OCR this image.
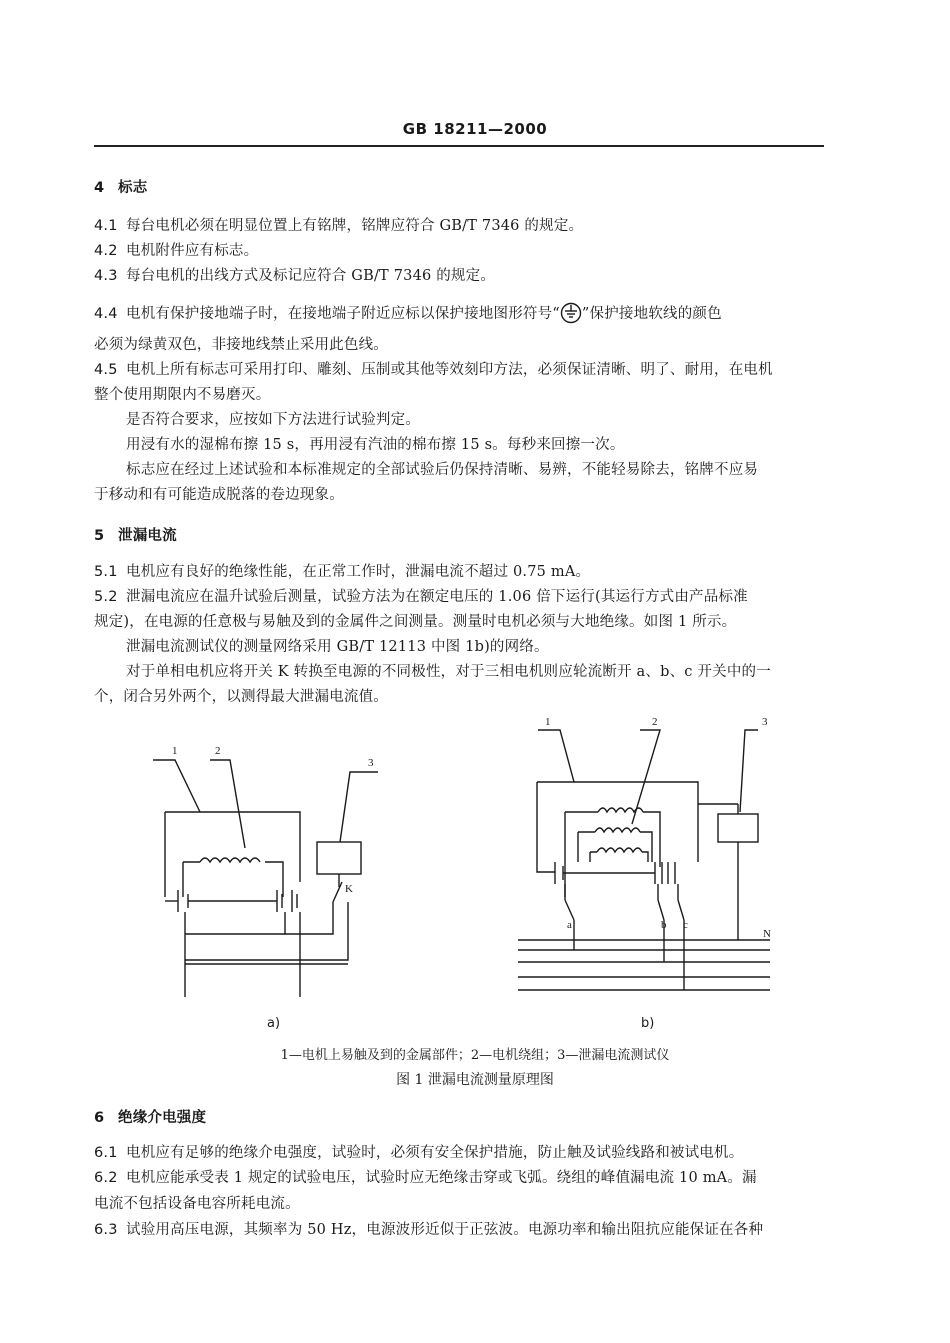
GB 18211—2000
4 标志
4.1 每台电机必须在明显位置上有铭牌，铭牌应符合 GB/T 7346 的规定。
4.2 电机附件应有标志。
4.3 每台电机的出线方式及标记应符合 GB/T 7346 的规定。
4.4 电机有保护接地端子时，在接地端子附近应标以保护接地图形符号“ ”保护接地软线的颜色
必须为绿黄双色，非接地线禁止采用此色线。
4.5 电机上所有标志可采用打印、雕刻、压制或其他等效刻印方法，必须保证清晰、明了、耐用，在电机
整个使用期限内不易磨灭。
是否符合要求，应按如下方法进行试验判定。
用浸有水的湿棉布擦 15 s，再用浸有汽油的棉布擦 15 s。每秒来回擦一次。
标志应在经过上述试验和本标准规定的全部试验后仍保持清晰、易辨，不能轻易除去，铭牌不应易
于移动和有可能造成脱落的卷边现象。
5 泄漏电流
5.1 电机应有良好的绝缘性能，在正常工作时，泄漏电流不超过 0.75 mA。
5.2 泄漏电流应在温升试验后测量，试验方法为在额定电压的 1.06 倍下运行(其运行方式由产品标准
规定)，在电源的任意极与易触及到的金属件之间测量。测量时电机必须与大地绝缘。如图 1 所示。
泄漏电流测试仪的测量网络采用 GB/T 12113 中图 1b)的网络。
对于单相电机应将开关 K 转换至电源的不同极性，对于三相电机则应轮流断开 a、b、c 开关中的一
个，闭合另外两个，以测得最大泄漏电流值。
1	2
3
K
1	2	3
a	b c
N
a)	b)
1—电机上易触及到的金属部件；2—电机绕组；3—泄漏电流测试仪
图 1 泄漏电流测量原理图
6 绝缘介电强度
6.1 电机应有足够的绝缘介电强度，试验时，必须有安全保护措施，防止触及试验线路和被试电机。
6.2 电机应能承受表 1 规定的试验电压，试验时应无绝缘击穿或飞弧。绕组的峰值漏电流 10 mA。漏
电流不包括设备电容所耗电流。
6.3 试验用高压电源，其频率为 50 Hz，电源波形近似于正弦波。电源功率和输出阻抗应能保证在各种
